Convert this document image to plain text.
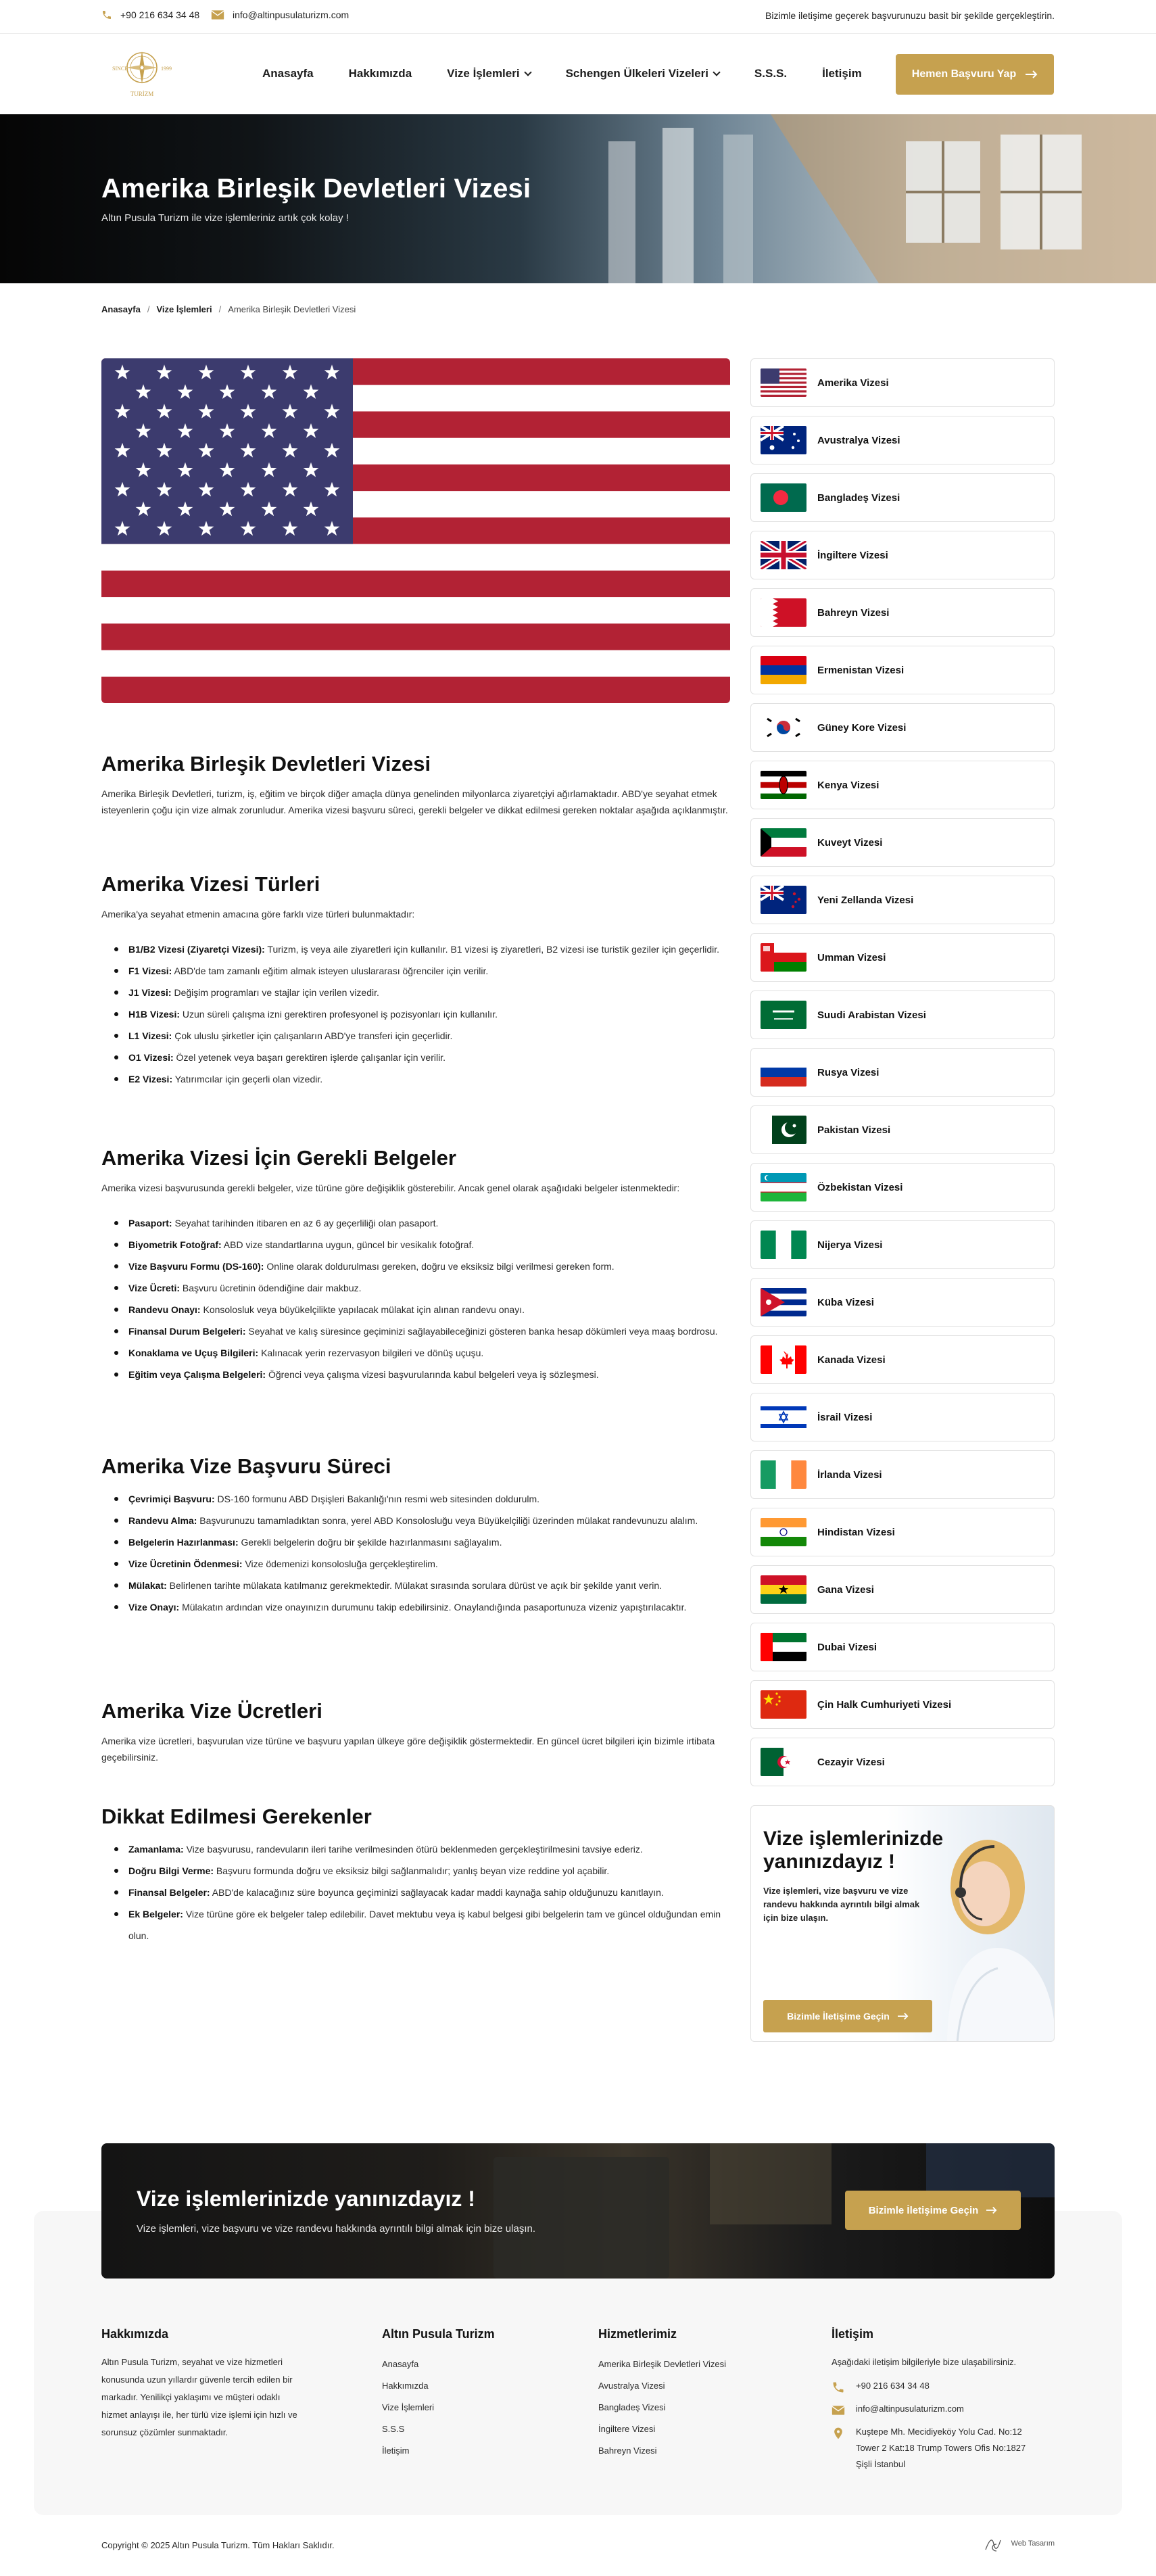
+90 216 634 34 48	info@altinpusulaturizm.com	Bizimle iletişime geçerek başvurunuzu basit bir şekilde gerçekleştirin.
SINCE	1999
TURİZM
Anasayfa	Hakkımızda	Vize İşlemleri	Schengen Ülkeleri Vizeleri	S.S.S.	İletişim	Hemen Başvuru Yap
Amerika Birleşik Devletleri Vizesi

Altın Pusula Turizm ile vize işlemleriniz artık çok kolay !

Anasayfa / Vize İşlemleri / Amerika Birleşik Devletleri Vizesi
Amerika Birleşik Devletleri Vizesi

Amerika Birleşik Devletleri, turizm, iş, eğitim ve birçok diğer amaçla dünya genelinden milyonlarca ziyaretçiyi ağırlamaktadır. ABD'ye seyahat etmek isteyenlerin çoğu için vize almak zorunludur. Amerika vizesi başvuru süreci, gerekli belgeler ve dikkat edilmesi gereken noktalar aşağıda açıklanmıştır.

Amerika Vizesi Türleri

Amerika'ya seyahat etmenin amacına göre farklı vize türleri bulunmaktadır:

B1/B2 Vizesi (Ziyaretçi Vizesi): Turizm, iş veya aile ziyaretleri için kullanılır. B1 vizesi iş ziyaretleri, B2 vizesi ise turistik geziler için geçerlidir.
F1 Vizesi: ABD'de tam zamanlı eğitim almak isteyen uluslararası öğrenciler için verilir.
J1 Vizesi: Değişim programları ve stajlar için verilen vizedir.
H1B Vizesi: Uzun süreli çalışma izni gerektiren profesyonel iş pozisyonları için kullanılır.
L1 Vizesi: Çok uluslu şirketler için çalışanların ABD'ye transferi için geçerlidir.
O1 Vizesi: Özel yetenek veya başarı gerektiren işlerde çalışanlar için verilir.
E2 Vizesi: Yatırımcılar için geçerli olan vizedir.
Amerika Vizesi İçin Gerekli Belgeler

Amerika vizesi başvurusunda gerekli belgeler, vize türüne göre değişiklik gösterebilir. Ancak genel olarak aşağıdaki belgeler istenmektedir:

Pasaport: Seyahat tarihinden itibaren en az 6 ay geçerliliği olan pasaport.
Biyometrik Fotoğraf: ABD vize standartlarına uygun, güncel bir vesikalık fotoğraf.
Vize Başvuru Formu (DS-160): Online olarak doldurulması gereken, doğru ve eksiksiz bilgi verilmesi gereken form.
Vize Ücreti: Başvuru ücretinin ödendiğine dair makbuz.
Randevu Onayı: Konsolosluk veya büyükelçilikte yapılacak mülakat için alınan randevu onayı.
Finansal Durum Belgeleri: Seyahat ve kalış süresince geçiminizi sağlayabileceğinizi gösteren banka hesap dökümleri veya maaş bordrosu.
Konaklama ve Uçuş Bilgileri: Kalınacak yerin rezervasyon bilgileri ve dönüş uçuşu.
Eğitim veya Çalışma Belgeleri: Öğrenci veya çalışma vizesi başvurularında kabul belgeleri veya iş sözleşmesi.
Amerika Vize Başvuru Süreci
Çevrimiçi Başvuru: DS-160 formunu ABD Dışişleri Bakanlığı'nın resmi web sitesinden doldurulm.
Randevu Alma: Başvurunuzu tamamladıktan sonra, yerel ABD Konsolosluğu veya Büyükelçiliği üzerinden mülakat randevunuzu alalım.
Belgelerin Hazırlanması: Gerekli belgelerin doğru bir şekilde hazırlanmasını sağlayalım.
Vize Ücretinin Ödenmesi: Vize ödemenizi konsolosluğa gerçekleştirelim.
Mülakat: Belirlenen tarihte mülakata katılmanız gerekmektedir. Mülakat sırasında sorulara dürüst ve açık bir şekilde yanıt verin.
Vize Onayı: Mülakatın ardından vize onayınızın durumunu takip edebilirsiniz. Onaylandığında pasaportunuza vizeniz yapıştırılacaktır.
Amerika Vize Ücretleri

Amerika vize ücretleri, başvurulan vize türüne ve başvuru yapılan ülkeye göre değişiklik göstermektedir. En güncel ücret bilgileri için bizimle irtibata geçebilirsiniz.

Dikkat Edilmesi Gerekenler
Zamanlama: Vize başvurusu, randevuların ileri tarihe verilmesinden ötürü beklenmeden gerçekleştirilmesini tavsiye ederiz.
Doğru Bilgi Verme: Başvuru formunda doğru ve eksiksiz bilgi sağlanmalıdır; yanlış beyan vize reddine yol açabilir.
Finansal Belgeler: ABD'de kalacağınız süre boyunca geçiminizi sağlayacak kadar maddi kaynağa sahip olduğunuzu kanıtlayın.
Ek Belgeler: Vize türüne göre ek belgeler talep edilebilir. Davet mektubu veya iş kabul belgesi gibi belgelerin tam ve güncel olduğundan emin olun.
Amerika Vizesi
Avustralya Vizesi
Bangladeş Vizesi
İngiltere Vizesi
Bahreyn Vizesi
Ermenistan Vizesi
Güney Kore Vizesi
Kenya Vizesi
Kuveyt Vizesi
Yeni Zellanda Vizesi
Umman Vizesi
Suudi Arabistan Vizesi
Rusya Vizesi
Pakistan Vizesi
Özbekistan Vizesi
Nijerya Vizesi
Küba Vizesi
Kanada Vizesi
İsrail Vizesi
İrlanda Vizesi
Hindistan Vizesi
Gana Vizesi
Dubai Vizesi
Çin Halk Cumhuriyeti Vizesi
Cezayir Vizesi
Vize işlemlerinizde yanınızdayız !

Vize işlemleri, vize başvuru ve vize randevu hakkında ayrıntılı bilgi almak için bize ulaşın.

Bizimle İletişime Geçin
Vize işlemlerinizde yanınızdayız !

Vize işlemleri, vize başvuru ve vize randevu hakkında ayrıntılı bilgi almak için bize ulaşın.

Bizimle İletişime Geçin
Hakkımızda
Altın Pusula Turizm, seyahat ve vize hizmetleri
konusunda uzun yıllardır güvenle tercih edilen bir
markadır. Yenilikçi yaklaşımı ve müşteri odaklı
hizmet anlayışı ile, her türlü vize işlemi için hızlı ve
sorunsuz çözümler sunmaktadır.
Altın Pusula Turizm
Anasayfa
Hakkımızda
Vize İşlemleri
S.S.S
İletişim
Hizmetlerimiz
Amerika Birleşik Devletleri Vizesi
Avustralya Vizesi
Bangladeş Vizesi
İngiltere Vizesi
Bahreyn Vizesi
İletişim
Aşağıdaki iletişim bilgileriyle bize ulaşabilirsiniz.
+90 216 634 34 48
info@altinpusulaturizm.com
Kuştepe Mh. Mecidiyeköy Yolu Cad. No:12
Tower 2 Kat:18 Trump Towers Ofis No:1827
Şişli İstanbul
Copyright © 2025 Altın Pusula Turizm. Tüm Hakları Saklıdır.	Web Tasarım
